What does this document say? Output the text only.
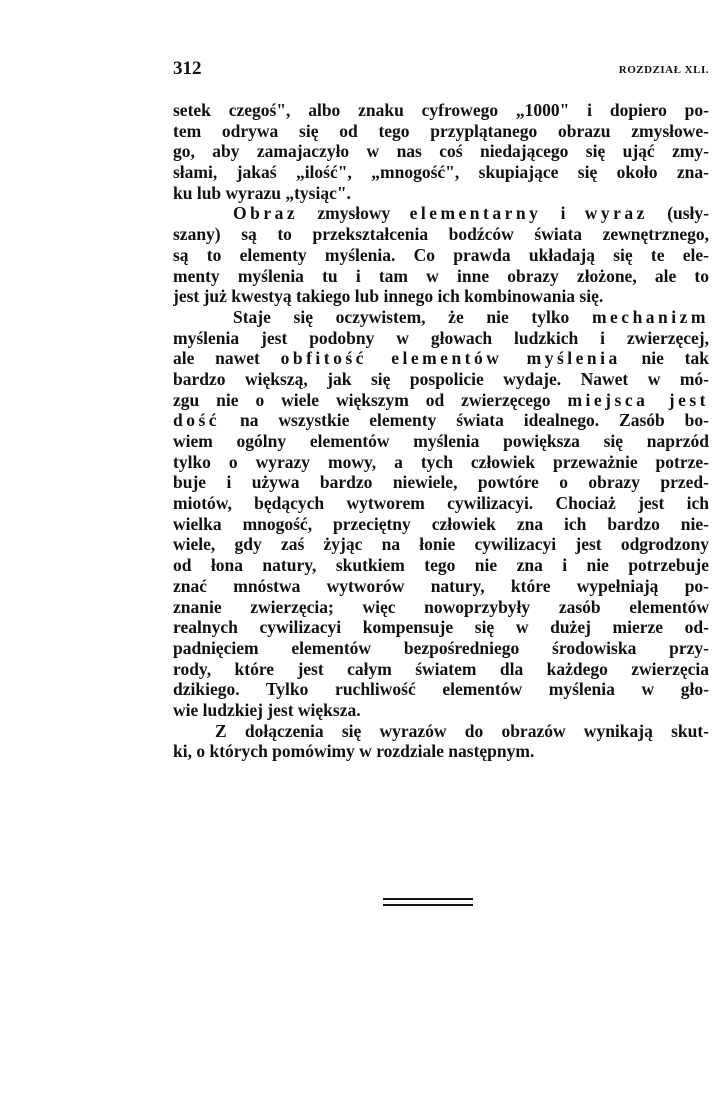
312	ROZDZIAŁ XLI.
setek czegoś", albo znaku cyfrowego „1000" i dopiero po-
tem odrywa się od tego przyplątanego obrazu zmysłowe-
go, aby zamajaczyło w nas coś niedającego się ująć zmy-
słami, jakaś „ilość", „mnogość", skupiające się około zna-
ku lub wyrazu „tysiąc".
Obraz zmysłowy elementarny i wyraz (usły-
szany) są to przekształcenia bodźców świata zewnętrznego,
są to elementy myślenia. Co prawda układają się te ele-
menty myślenia tu i tam w inne obrazy złożone, ale to
jest już kwestyą takiego lub innego ich kombinowania się.
Staje się oczywistem, że nie tylko mechanizm
myślenia jest podobny w głowach ludzkich i zwierzęcej,
ale nawet obfitość elementów myślenia nie tak
bardzo większą, jak się pospolicie wydaje. Nawet w mó-
zgu nie o wiele większym od zwierzęcego miejsca jest
dość na wszystkie elementy świata idealnego. Zasób bo-
wiem ogólny elementów myślenia powiększa się naprzód
tylko o wyrazy mowy, a tych człowiek przeważnie potrze-
buje i używa bardzo niewiele, powtóre o obrazy przed-
miotów, będących wytworem cywilizacyi. Chociaż jest ich
wielka mnogość, przeciętny człowiek zna ich bardzo nie-
wiele, gdy zaś żyjąc na łonie cywilizacyi jest odgrodzony
od łona natury, skutkiem tego nie zna i nie potrzebuje
znać mnóstwa wytworów natury, które wypełniają po-
znanie zwierzęcia; więc nowoprzybyły zasób elementów
realnych cywilizacyi kompensuje się w dużej mierze od-
padnięciem elementów bezpośredniego środowiska przy-
rody, które jest całym światem dla każdego zwierzęcia
dzikiego. Tylko ruchliwość elementów myślenia w gło-
wie ludzkiej jest większa.
Z dołączenia się wyrazów do obrazów wynikają skut-
ki, o których pomówimy w rozdziale następnym.
